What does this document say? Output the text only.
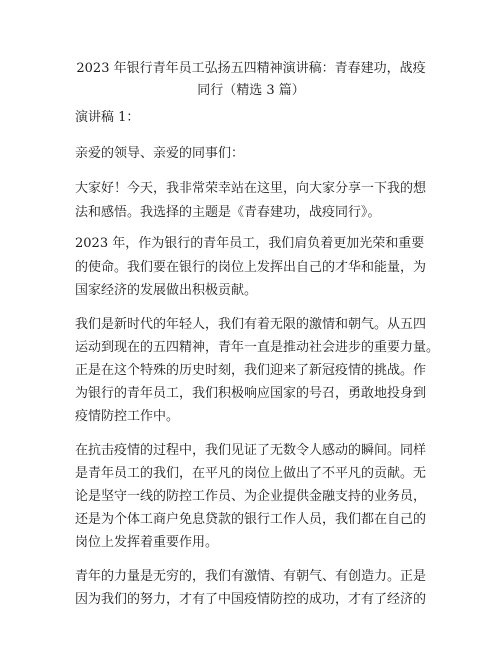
2023 年银行青年员工弘扬五四精神演讲稿：青春建功，战疫
同行（精选 3 篇）
演讲稿 1：
亲爱的领导、亲爱的同事们：
大家好！今天，我非常荣幸站在这里，向大家分享一下我的想
法和感悟。我选择的主题是《青春建功，战疫同行》。
2023 年，作为银行的青年员工，我们肩负着更加光荣和重要
的使命。我们要在银行的岗位上发挥出自己的才华和能量，为
国家经济的发展做出积极贡献。
我们是新时代的年轻人，我们有着无限的激情和朝气。从五四
运动到现在的五四精神，青年一直是推动社会进步的重要力量。
正是在这个特殊的历史时刻，我们迎来了新冠疫情的挑战。作
为银行的青年员工，我们积极响应国家的号召，勇敢地投身到
疫情防控工作中。
在抗击疫情的过程中，我们见证了无数令人感动的瞬间。同样
是青年员工的我们，在平凡的岗位上做出了不平凡的贡献。无
论是坚守一线的防控工作员、为企业提供金融支持的业务员，
还是为个体工商户免息贷款的银行工作人员，我们都在自己的
岗位上发挥着重要作用。
青年的力量是无穷的，我们有激情、有朝气、有创造力。正是
因为我们的努力，才有了中国疫情防控的成功，才有了经济的
